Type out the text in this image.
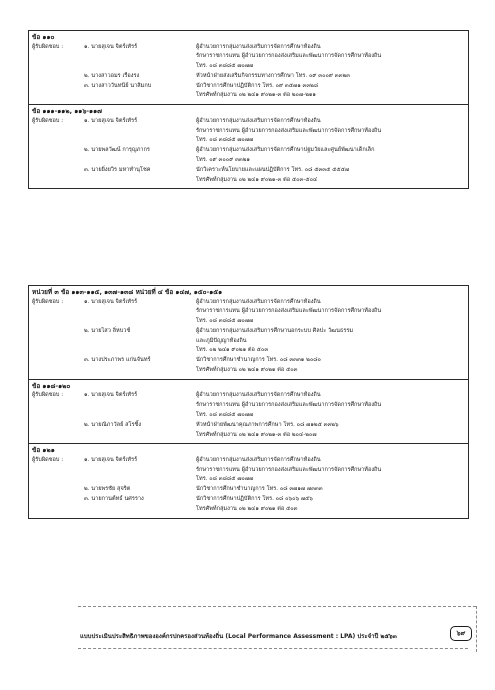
ข้อ ๑๑๐
ผู้รับผิดชอบ :	๑. นายสุเจน จิตร์เทัรร์	ผู้อำนวยการกลุ่มงานส่งเสริมการจัดการศึกษาท้องถิ่น
รักษาราชการแทน ผู้อำนวยการกองส่งเสริมและพัฒนาการจัดการศึกษาท้องถิ่น
โทร. ๐๘ ๓๘๘๕ ๗๐๗๗
๒. นางสาวอมร เรืองรง	หัวหน้าฝ่ายส่งเสริมกิจกรรมทางการศึกษา โทร. ๐๙ ๓๐๐๙ ๓๓๒๓
๓. นางสาววันทนีย์ นาสิมกบ	นักวิชาการศึกษาปฏิบัติการ โทร. ๐๙ ๓๕๗๑ ๓๓๒๘
โทรศัพท์กลุ่มงาน ๐๒ ๒๔๑ ๙๐๒๑-๓ ต่อ ๒๐๗-๒๑๑
ข้อ ๑๑๑-๑๑๒, ๑๑๖-๑๑๗
ผู้รับผิดชอบ :	๑. นายสุเจน จิตร์เทัรร์	ผู้อำนวยการกลุ่มงานส่งเสริมการจัดการศึกษาท้องถิ่น
รักษาราชการแทน ผู้อำนวยการกองส่งเสริมและพัฒนาการจัดการศึกษาท้องถิ่น
โทร. ๐๘ ๓๘๘๕ ๗๐๗๗
๒. นายพลวัฒน์ การุญภากร	ผู้อำนวยการกลุ่มงานส่งเสริมการจัดการศึกษาปฐมวัยและศูนย์พัฒนาเด็กเล็ก
โทร. ๐๙ ๓๐๐๙ ๓๓๒๑
๓. นายยิ่งยวิร มหาทำนุโชค	นักวิเคราะห์นโยบายและแผนปฏิบัติการ โทร. ๐๘ ๕๓๓๕ ๕๕๕๗
โทรศัพท์กลุ่มงาน ๐๒ ๒๔๑ ๙๐๒๑-๓ ต่อ ๕๐๓-๕๐๔
หน่วยที่ ๓ ข้อ ๑๑๓-๑๑๕, ๑๓๗-๑๓๘ หน่วยที่ ๔ ข้อ ๑๔๗, ๑๕๐-๑๕๑
ผู้รับผิดชอบ :	๑. นายสุเจน จิตร์เทัรร์	ผู้อำนวยการกลุ่มงานส่งเสริมการจัดการศึกษาท้องถิ่น
รักษาราชการแทน ผู้อำนวยการกองส่งเสริมและพัฒนาการจัดการศึกษาท้องถิ่น
โทร. ๐๘ ๓๘๘๕ ๗๐๗๗
๒. นายไสว ลิ่หบวช์	ผู้อำนวยการกลุ่มงานส่งเสริมการศึกษานอกระบบ ศิลปะ วัฒนธรรม
และภูมิปัญญาท้องถิ่น
โทร. ๐๒ ๒๔๑ ๙๐๒๑ ต่อ ๕๐๓
๓. นางประภาพร แก่นจันทร์	นักวิชาการศึกษาชำนาญการ โทร. ๐๘ ๓๓๓๑ ๒๐๘๐
โทรศัพท์กลุ่มงาน ๐๒ ๒๔๑ ๙๐๒๑ ต่อ ๕๐๓
ข้อ ๑๑๘-๑๒๐
ผู้รับผิดชอบ :	๑. นายสุเจน จิตร์เทัรร์	ผู้อำนวยการกลุ่มงานส่งเสริมการจัดการศึกษาท้องถิ่น
รักษาราชการแทน ผู้อำนวยการกองส่งเสริมและพัฒนาการจัดการศึกษาท้องถิ่น
โทร. ๐๘ ๓๘๘๕ ๗๐๗๗
๒. นายณิภาวัลย์ สโรชิ้ง	หัวหน้าฝ่ายพัฒนาคุณภาพการศึกษา โทร. ๐๘ ๗๑๒๕ ๓๓๒๖
โทรศัพท์กลุ่มงาน ๐๒ ๒๔๑ ๙๐๒๑-๓ ต่อ ๒๐๔-๒๐๗
ข้อ ๑๒๑
ผู้รับผิดชอบ :	๑. นายสุเจน จิตร์เทัรร์	ผู้อำนวยการกลุ่มงานส่งเสริมการจัดการศึกษาท้องถิ่น
รักษาราชการแทน ผู้อำนวยการกองส่งเสริมและพัฒนาการจัดการศึกษาท้องถิ่น
โทร. ๐๘ ๓๘๘๕ ๗๐๗๗
๒. นายพรชัย สุจริต	นักวิชาการศึกษาชำนาญการ โทร. ๐๘ ๓๗๑๗ ๗๓๓๓
๓. นายกานต์ทธ์ นศรราง	นักวิชาการศึกษาปฏิบัติการ โทร. ๐๘ ๐๖๐๖ ๗๕๖
โทรศัพท์กลุ่มงาน ๐๒ ๒๔๑ ๙๐๒๑ ต่อ ๕๐๓
แบบประเมินประสิทธิภาพขององค์กรปกครองส่วนท้องถิ่น (Local Performance Assessment : LPA) ประจำปี ๒๕๖๓	๖๙
